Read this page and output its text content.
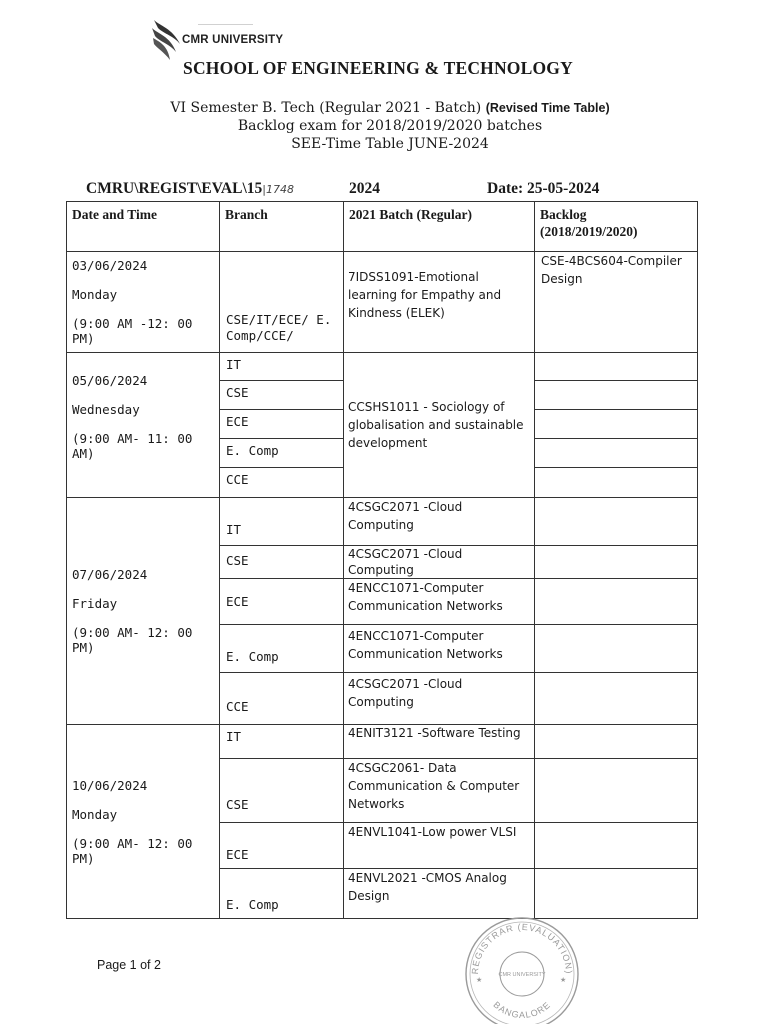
———————————
CMR UNIVERSITY
SCHOOL OF ENGINEERING & TECHNOLOGY
VI Semester B. Tech (Regular 2021 - Batch) (Revised Time Table)
Backlog exam for 2018/2019/2020 batches
SEE-Time Table JUNE-2024
CMRU\REGIST\EVAL\15|1748	2024	Date: 25-05-2024
Date and Time	Branch	2021 Batch (Regular)	Backlog
(2018/2019/2020)

03/06/2024
Monday
(9:00 AM -12: 00 PM)	CSE/IT/ECE/ E. Comp/CCE/	7IDSS1091-Emotional learning for Empathy and Kindness (ELEK)	CSE-4BCS604-Compiler Design

05/06/2024
Wednesday
(9:00 AM- 11: 00 AM)	IT	CCSHS1011 - Sociology of globalisation and sustainable development	
	CSE		
	ECE		
	E. Comp		
	CCE		

07/06/2024
Friday
(9:00 AM- 12: 00 PM)	IT	4CSGC2071 -Cloud Computing	
	CSE	4CSGC2071 -Cloud Computing	
	ECE	4ENCC1071-Computer Communication Networks	
	E. Comp	4ENCC1071-Computer Communication Networks	
	CCE	4CSGC2071 -Cloud Computing	

10/06/2024
Monday
(9:00 AM- 12: 00 PM)	IT	4ENIT3121 -Software Testing	
	CSE	4CSGC2061- Data Communication & Computer Networks	
	ECE	4ENVL1041-Low power VLSI	
	E. Comp	4ENVL2021 -CMOS Analog Design	
Page 1 of 2	REGISTRAR (EVALUATION)
BANGALORE
CMR UNIVERSITY
★	★
